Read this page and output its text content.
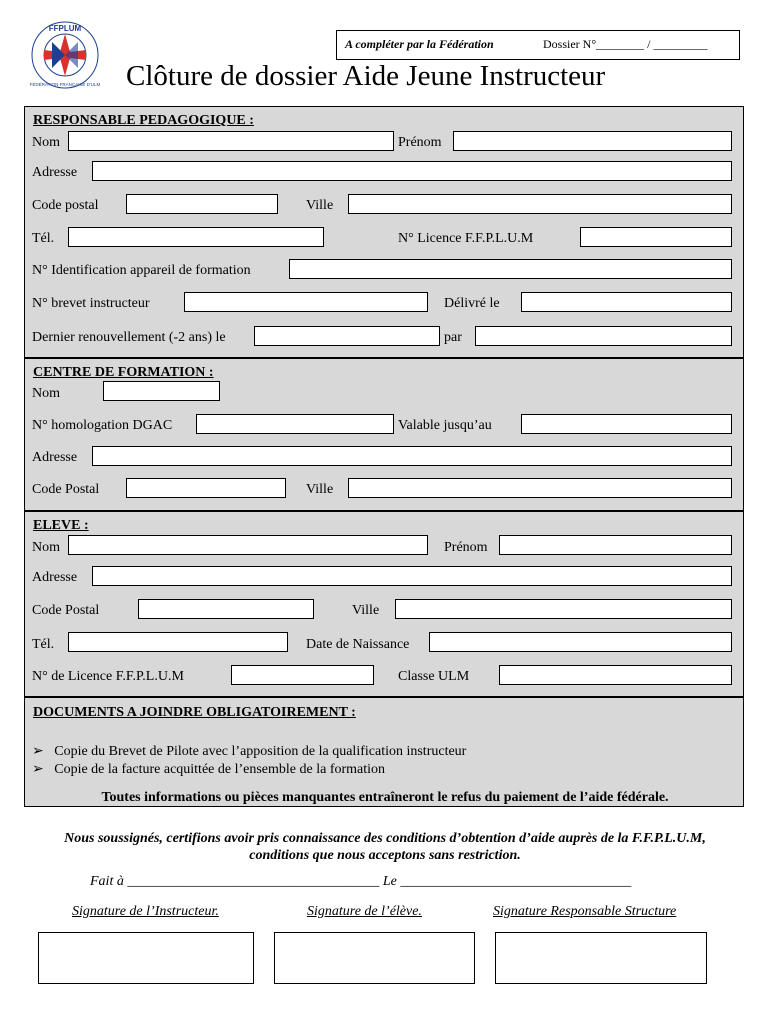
FFPLUM
FÉDÉRATION FRANÇAISE D'ULM
A compléter par la Fédération	Dossier N°________ / _________
Clôture de dossier Aide Jeune Instructeur
RESPONSABLE PEDAGOGIQUE :
Nom	Prénom
Adresse
Code postal	Ville
Tél.	N° Licence F.F.P.L.U.M
N° Identification appareil de formation
N° brevet instructeur	Délivré le
Dernier renouvellement (-2 ans) le	par
CENTRE DE FORMATION :
Nom
N° homologation DGAC	Valable jusqu’au
Adresse
Code Postal	Ville
ELEVE :
Nom	Prénom
Adresse
Code Postal	Ville
Tél.	Date de Naissance
N° de Licence F.F.P.L.U.M	Classe ULM
DOCUMENTS A JOINDRE OBLIGATOIREMENT :
➢ Copie du Brevet de Pilote avec l’apposition de la qualification instructeur
➢ Copie de la facture acquittée de l’ensemble de la formation
Toutes informations ou pièces manquantes entraîneront le refus du paiement de l’aide fédérale.
Nous soussignés, certifions avoir pris connaissance des conditions d’obtention d’aide auprès de la F.F.P.L.U.M,
conditions que nous acceptons sans restriction.
Fait à ____________________________________ Le _________________________________
Signature de l’Instructeur.	Signature de l’élève.	Signature Responsable Structure
